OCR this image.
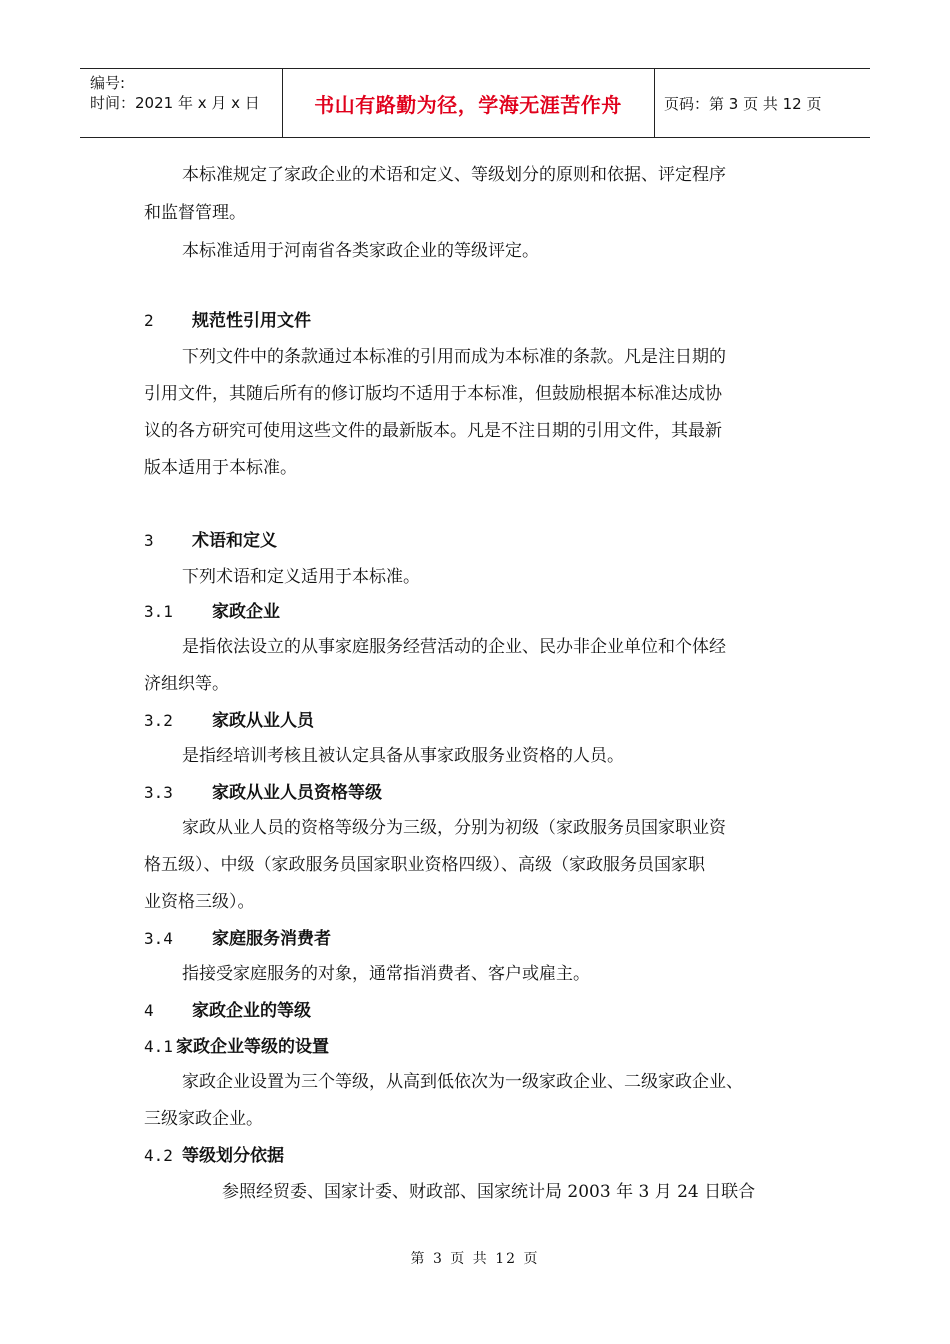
编号:
时间：2021 年 x 月 x 日	书山有路勤为径，学海无涯苦作舟	页码：第 3 页 共 12 页
本标准规定了家政企业的术语和定义、等级划分的原则和依据、评定程序
和监督管理。
本标准适用于河南省各类家政企业的等级评定。
2 规范性引用文件
下列文件中的条款通过本标准的引用而成为本标准的条款。凡是注日期的
引用文件，其随后所有的修订版均不适用于本标准，但鼓励根据本标准达成协
议的各方研究可使用这些文件的最新版本。凡是不注日期的引用文件，其最新
版本适用于本标准。
3 术语和定义
下列术语和定义适用于本标准。
3.1 家政企业
是指依法设立的从事家庭服务经营活动的企业、民办非企业单位和个体经
济组织等。
3.2 家政从业人员
是指经培训考核且被认定具备从事家政服务业资格的人员。
3.3 家政从业人员资格等级
家政从业人员的资格等级分为三级，分别为初级（家政服务员国家职业资
格五级）、中级（家政服务员国家职业资格四级）、高级（家政服务员国家职
业资格三级）。
3.4 家庭服务消费者
指接受家庭服务的对象，通常指消费者、客户或雇主。
4 家政企业的等级
4.1 家政企业等级的设置
家政企业设置为三个等级，从高到低依次为一级家政企业、二级家政企业、
三级家政企业。
4.2 等级划分依据
参照经贸委、国家计委、财政部、国家统计局 2003 年 3 月 24 日联合
第 3 页 共 12 页
